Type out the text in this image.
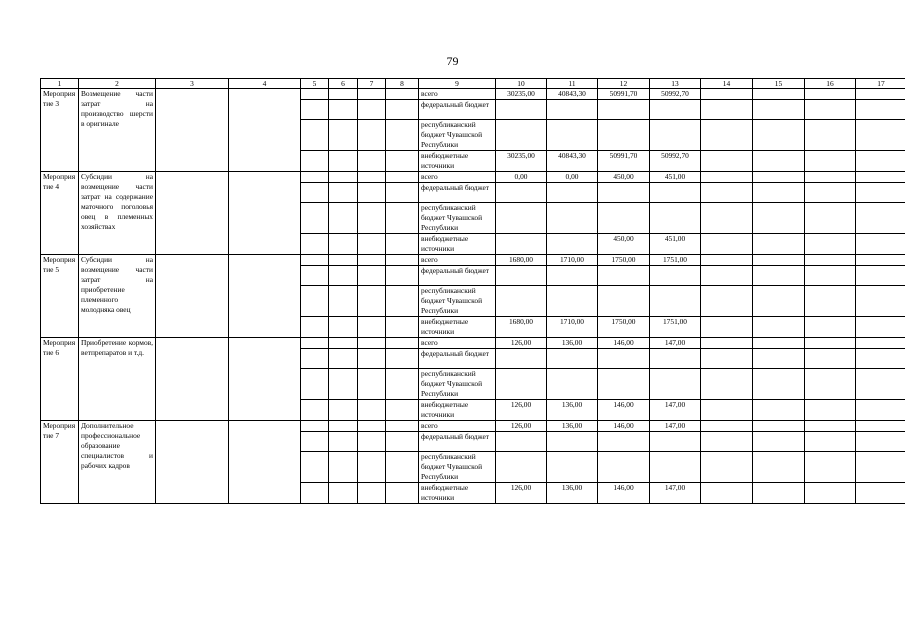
79
1	2	3	4	5	6	7	8	9	10	11	12	13	14	15	16	17
Мероприятие 3	Возмещение части затрат на производство шерсти в оригинале							всего	30235,00	40843,30	50991,70	50992,70				
								федеральный бюджет								
								республиканский бюджет Чувашской Республики								
								внебюджетные источники	30235,00	40843,30	50991,70	50992,70				
Мероприятие 4	Субсидии на возмещение части затрат на содержание маточного поголовья овец в племенных хозяйствах							всего	0,00	0,00	450,00	451,00				
								федеральный бюджет								
								республиканский бюджет Чувашской Республики								
								внебюджетные источники			450,00	451,00				
Мероприятие 5	Субсидии на возмещение части затрат на приобретение племенного молодняка овец							всего	1680,00	1710,00	1750,00	1751,00				
								федеральный бюджет								
								республиканский бюджет Чувашской Республики								
								внебюджетные источники	1680,00	1710,00	1750,00	1751,00				
Мероприятие 6	Приобретение кормов, ветпрепаратов и т.д.							всего	126,00	136,00	146,00	147,00				
								федеральный бюджет								
								республиканский бюджет Чувашской Республики								
								внебюджетные источники	126,00	136,00	146,00	147,00				
Мероприятие 7	Дополнительное профессиональное образование специалистов и рабочих кадров							всего	126,00	136,00	146,00	147,00				
								федеральный бюджет								
								республиканский бюджет Чувашской Республики								
								внебюджетные источники	126,00	136,00	146,00	147,00				
